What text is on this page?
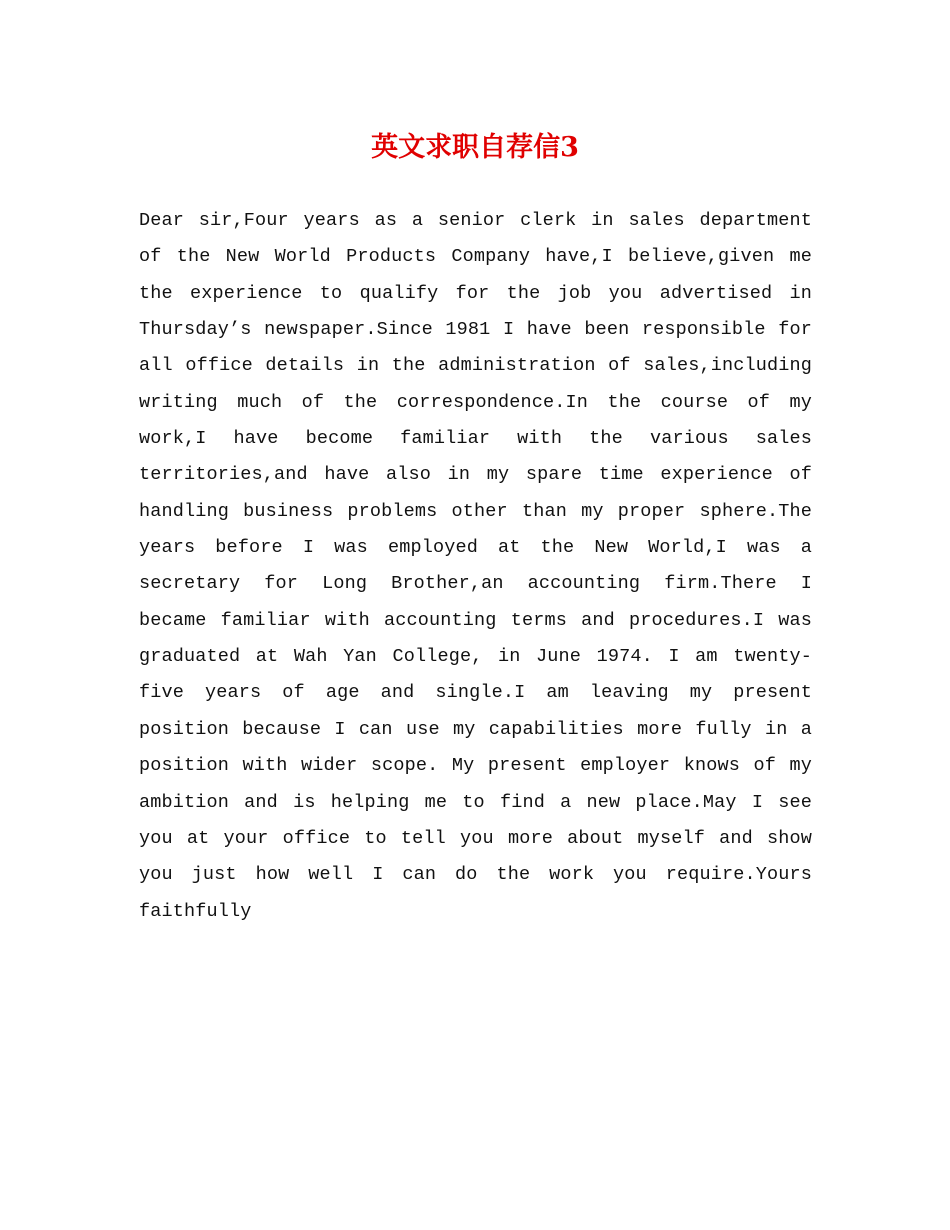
英文求职自荐信3

Dear sir,Four years as a senior clerk in sales department of the New World Products Company have,I believe,given me the experience to qualify for the job you advertised in Thursday’s newspaper.Since 1981 I have been responsible for all office details in the administration of sales,including writing much of the correspondence.In the course of my work,I have become familiar with the various sales territories,and have also in my spare time experience of handling business problems other than my proper sphere.The years before I was employed at the New World,I was a secretary for Long Brother,an accounting firm.There I became familiar with accounting terms and procedures.I was graduated at Wah Yan College, in June 1974. I am twenty-five years of age and single.I am leaving my present position because I can use my capabilities more fully in a position with wider scope. My present employer knows of my ambition and is helping me to find a new place.May I see you at your office to tell you more about myself and show you just how well I can do the work you require.Yours faithfully
